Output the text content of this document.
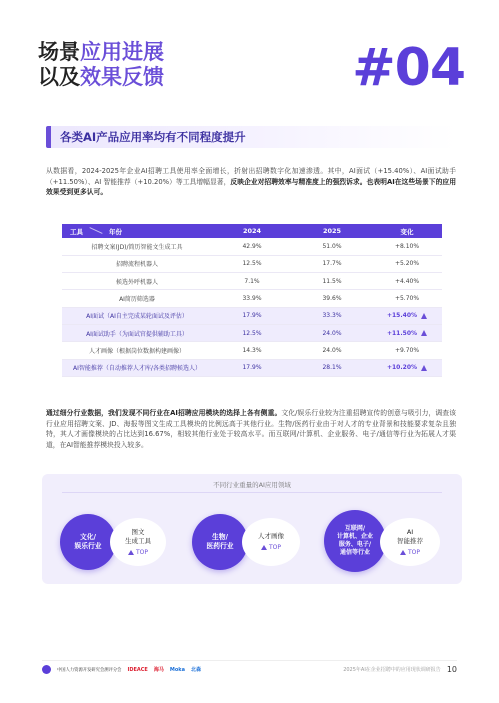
场景应用进展
以及效果反馈	#04
各类AI产品应用率均有不同程度提升
从数据看，2024-2025年企业AI招聘工具使用率全面增长，折射出招聘数字化加速渗透。其中，AI面试（+15.40%）、AI面试助手（+11.50%）、AI 智能推荐（+10.20%）等工具增幅显著，反映企业对招聘效率与精准度上的强烈诉求。也表明AI在这些场景下的应用效果受到更多认可。
工具 年份	2024	2025	变化
招聘文案(JD)/简历智能文生成工具	42.9%	51.0%	+8.10%
招聘流程机器人	12.5%	17.7%	+5.20%
候选外呼机器人	7.1%	11.5%	+4.40%
AI简历筛选器	33.9%	39.6%	+5.70%
AI面试（AI自主完成某轮面试及评估）	17.9%	33.3%	+15.40%
AI面试助手（为面试官提供辅助工具）	12.5%	24.0%	+11.50%
人才画像（根据岗位数据构建画像）	14.3%	24.0%	+9.70%
AI智能推荐（自动推荐人才库/各类招聘候选人）	17.9%	28.1%	+10.20%
通过细分行业数据，我们发现不同行业在AI招聘应用模块的选择上各有侧重。文化/娱乐行业较为注重招聘宣传的创意与吸引力，调查该行业应用招聘文案、JD、海报等图文生成工具模块的比例远高于其他行业。生物/医药行业由于对人才的专业背景和技能要求复杂且独特，其人才画像模块的占比达到16.67%，相较其他行业处于较高水平。而互联网/计算机、企业服务、电子/通信等行业为拓展人才渠道，在AI智能推荐模块投入较多。
不同行业重量的AI应用领域
文化/
娱乐行业
图文
生成工具
TOP
生物/
医药行业
人才画像
TOP
互联网/
计算机、企业
服务、电子/
通信等行业
AI
智能推荐
TOP
中国人力资源开发研究会测评分会 IDEACE 海马 Moka 北森	2025年AI在企业招聘中的应用现状调研报告 10
